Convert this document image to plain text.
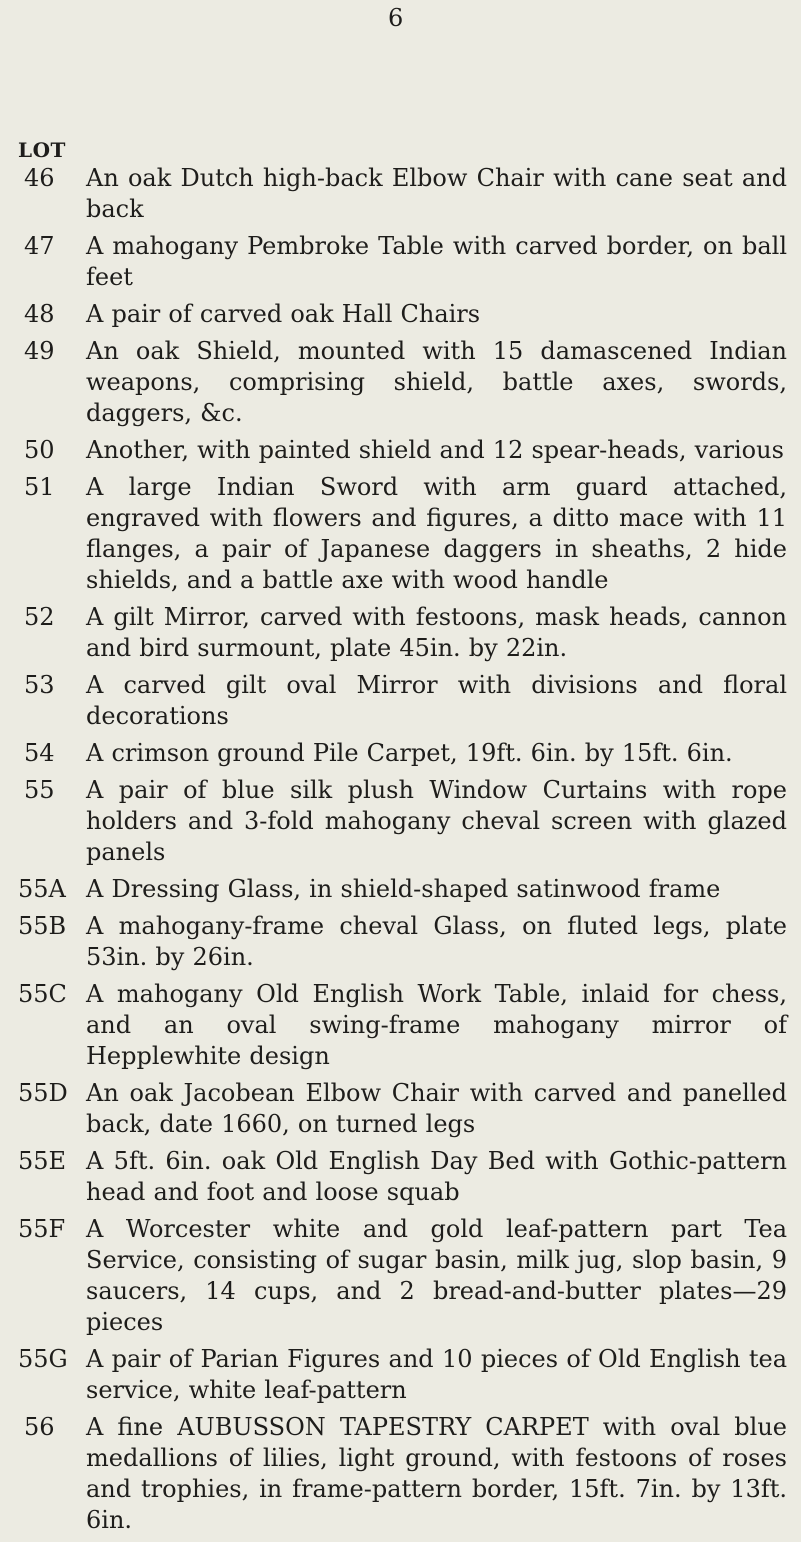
6
LOT
46 An oak Dutch high-back Elbow Chair with cane seat and back
47 A mahogany Pembroke Table with carved border, on ball feet
48 A pair of carved oak Hall Chairs
49 An oak Shield, mounted with 15 damascened Indian weapons, comprising shield, battle axes, swords, daggers, &c.
50 Another, with painted shield and 12 spear-heads, various
51 A large Indian Sword with arm guard attached, engraved with flowers and figures, a ditto mace with 11 flanges, a pair of Japanese daggers in sheaths, 2 hide shields, and a battle axe with wood handle
52 A gilt Mirror, carved with festoons, mask heads, cannon and bird surmount, plate 45in. by 22in.
53 A carved gilt oval Mirror with divisions and floral decorations
54 A crimson ground Pile Carpet, 19ft. 6in. by 15ft. 6in.
55 A pair of blue silk plush Window Curtains with rope holders and 3-fold mahogany cheval screen with glazed panels
55A A Dressing Glass, in shield-shaped satinwood frame
55B A mahogany-frame cheval Glass, on fluted legs, plate 53in. by 26in.
55C A mahogany Old English Work Table, inlaid for chess, and an oval swing-frame mahogany mirror of Hepplewhite design
55D An oak Jacobean Elbow Chair with carved and panelled back, date 1660, on turned legs
55E A 5ft. 6in. oak Old English Day Bed with Gothic-pattern head and foot and loose squab
55F A Worcester white and gold leaf-pattern part Tea Service, consisting of sugar basin, milk jug, slop basin, 9 saucers, 14 cups, and 2 bread-and-butter plates—29 pieces
55G A pair of Parian Figures and 10 pieces of Old English tea service, white leaf-pattern
56 A fine AUBUSSON TAPESTRY CARPET with oval blue medallions of lilies, light ground, with festoons of roses and trophies, in frame-pattern border, 15ft. 7in. by 13ft. 6in.
